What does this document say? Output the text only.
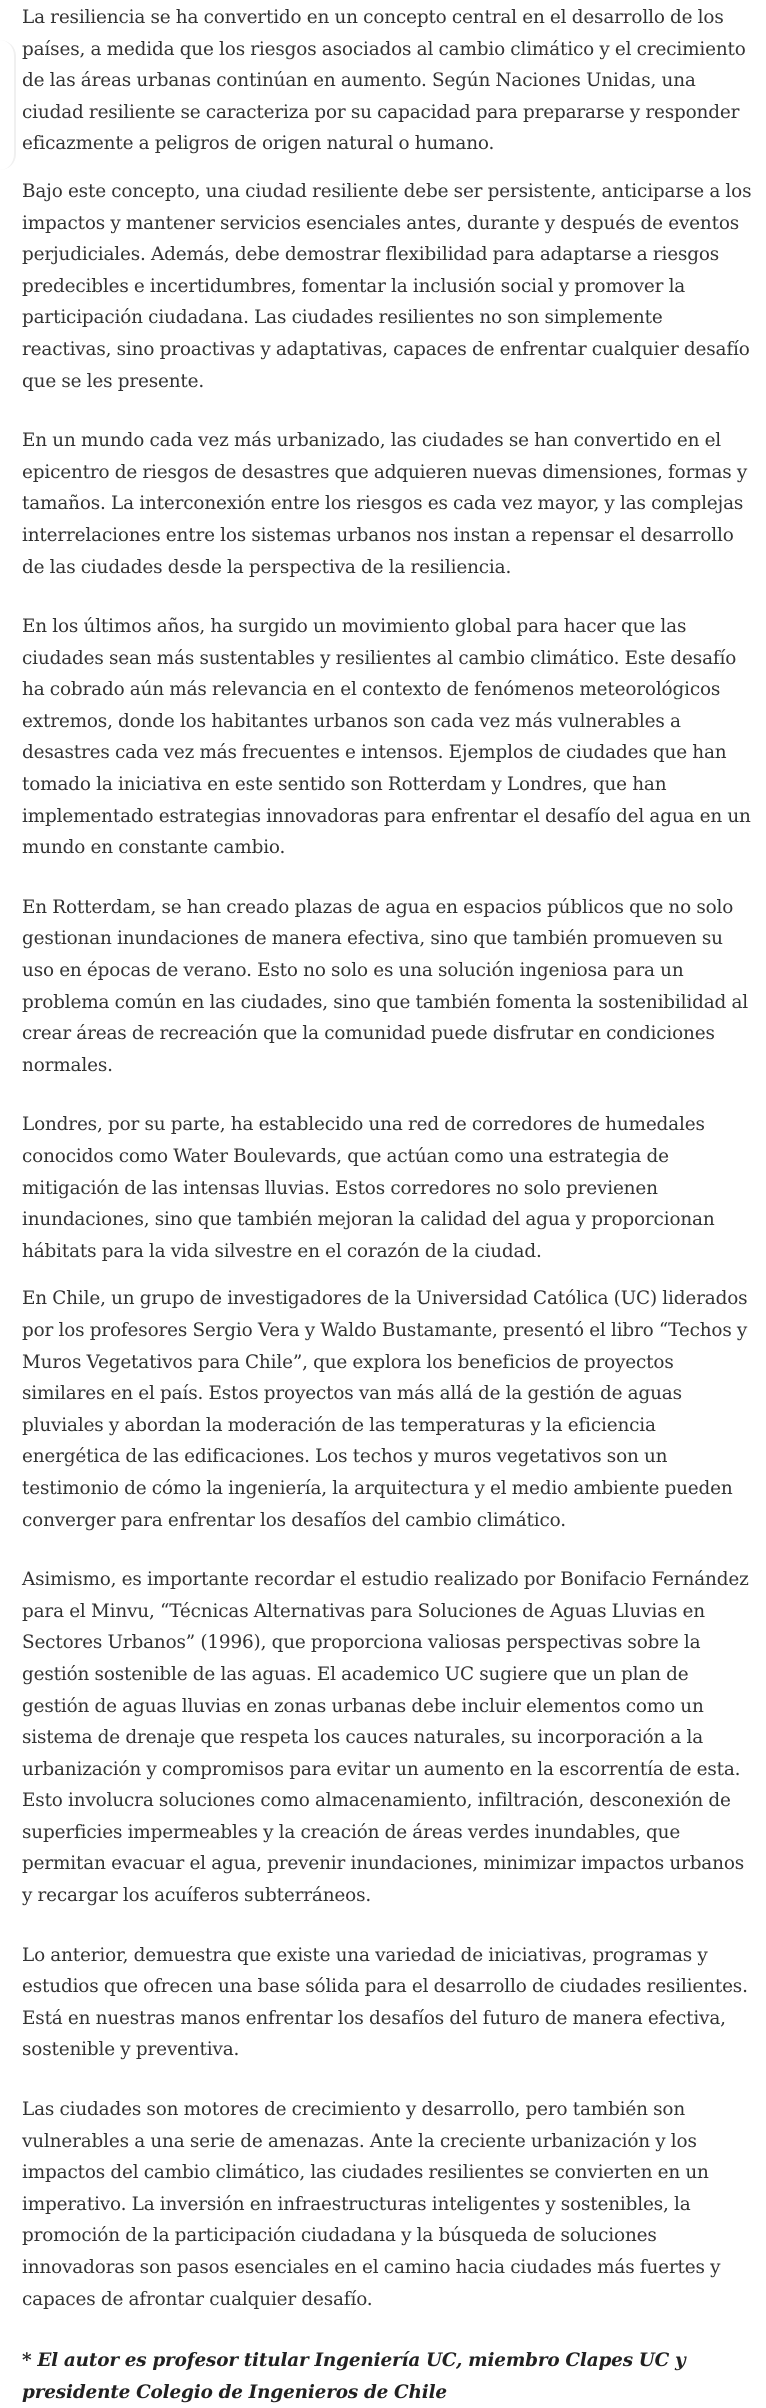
La resiliencia se ha convertido en un concepto central en el desarrollo de los países, a medida que los riesgos asociados al cambio climático y el crecimiento de las áreas urbanas continúan en aumento. Según Naciones Unidas, una ciudad resiliente se caracteriza por su capacidad para prepararse y responder eficazmente a peligros de origen natural o humano.

Bajo este concepto, una ciudad resiliente debe ser persistente, anticiparse a los impactos y mantener servicios esenciales antes, durante y después de eventos perjudiciales. Además, debe demostrar flexibilidad para adaptarse a riesgos predecibles e incertidumbres, fomentar la inclusión social y promover la participación ciudadana. Las ciudades resilientes no son simplemente reactivas, sino proactivas y adaptativas, capaces de enfrentar cualquier desafío que se les presente.

En un mundo cada vez más urbanizado, las ciudades se han convertido en el epicentro de riesgos de desastres que adquieren nuevas dimensiones, formas y tamaños. La interconexión entre los riesgos es cada vez mayor, y las complejas interrelaciones entre los sistemas urbanos nos instan a repensar el desarrollo de las ciudades desde la perspectiva de la resiliencia.

En los últimos años, ha surgido un movimiento global para hacer que las ciudades sean más sustentables y resilientes al cambio climático. Este desafío ha cobrado aún más relevancia en el contexto de fenómenos meteorológicos extremos, donde los habitantes urbanos son cada vez más vulnerables a desastres cada vez más frecuentes e intensos. Ejemplos de ciudades que han tomado la iniciativa en este sentido son Rotterdam y Londres, que han implementado estrategias innovadoras para enfrentar el desafío del agua en un mundo en constante cambio.

En Rotterdam, se han creado plazas de agua en espacios públicos que no solo gestionan inundaciones de manera efectiva, sino que también promueven su uso en épocas de verano. Esto no solo es una solución ingeniosa para un problema común en las ciudades, sino que también fomenta la sostenibilidad al crear áreas de recreación que la comunidad puede disfrutar en condiciones normales.

Londres, por su parte, ha establecido una red de corredores de humedales conocidos como Water Boulevards, que actúan como una estrategia de mitigación de las intensas lluvias. Estos corredores no solo previenen inundaciones, sino que también mejoran la calidad del agua y proporcionan hábitats para la vida silvestre en el corazón de la ciudad.

En Chile, un grupo de investigadores de la Universidad Católica (UC) liderados por los profesores Sergio Vera y Waldo Bustamante, presentó el libro “Techos y Muros Vegetativos para Chile”, que explora los beneficios de proyectos similares en el país. Estos proyectos van más allá de la gestión de aguas pluviales y abordan la moderación de las temperaturas y la eficiencia energética de las edificaciones. Los techos y muros vegetativos son un testimonio de cómo la ingeniería, la arquitectura y el medio ambiente pueden converger para enfrentar los desafíos del cambio climático.

Asimismo, es importante recordar el estudio realizado por Bonifacio Fernández para el Minvu, “Técnicas Alternativas para Soluciones de Aguas Lluvias en Sectores Urbanos” (1996), que proporciona valiosas perspectivas sobre la gestión sostenible de las aguas. El academico UC sugiere que un plan de gestión de aguas lluvias en zonas urbanas debe incluir elementos como un sistema de drenaje que respeta los cauces naturales, su incorporación a la urbanización y compromisos para evitar un aumento en la escorrentía de esta. Esto involucra soluciones como almacenamiento, infiltración, desconexión de superficies impermeables y la creación de áreas verdes inundables, que permitan evacuar el agua, prevenir inundaciones, minimizar impactos urbanos y recargar los acuíferos subterráneos.

Lo anterior, demuestra que existe una variedad de iniciativas, programas y estudios que ofrecen una base sólida para el desarrollo de ciudades resilientes. Está en nuestras manos enfrentar los desafíos del futuro de manera efectiva, sostenible y preventiva.

Las ciudades son motores de crecimiento y desarrollo, pero también son vulnerables a una serie de amenazas. Ante la creciente urbanización y los impactos del cambio climático, las ciudades resilientes se convierten en un imperativo. La inversión en infraestructuras inteligentes y sostenibles, la promoción de la participación ciudadana y la búsqueda de soluciones innovadoras son pasos esenciales en el camino hacia ciudades más fuertes y capaces de afrontar cualquier desafío.

* El autor es profesor titular Ingeniería UC, miembro Clapes UC y presidente Colegio de Ingenieros de Chile
